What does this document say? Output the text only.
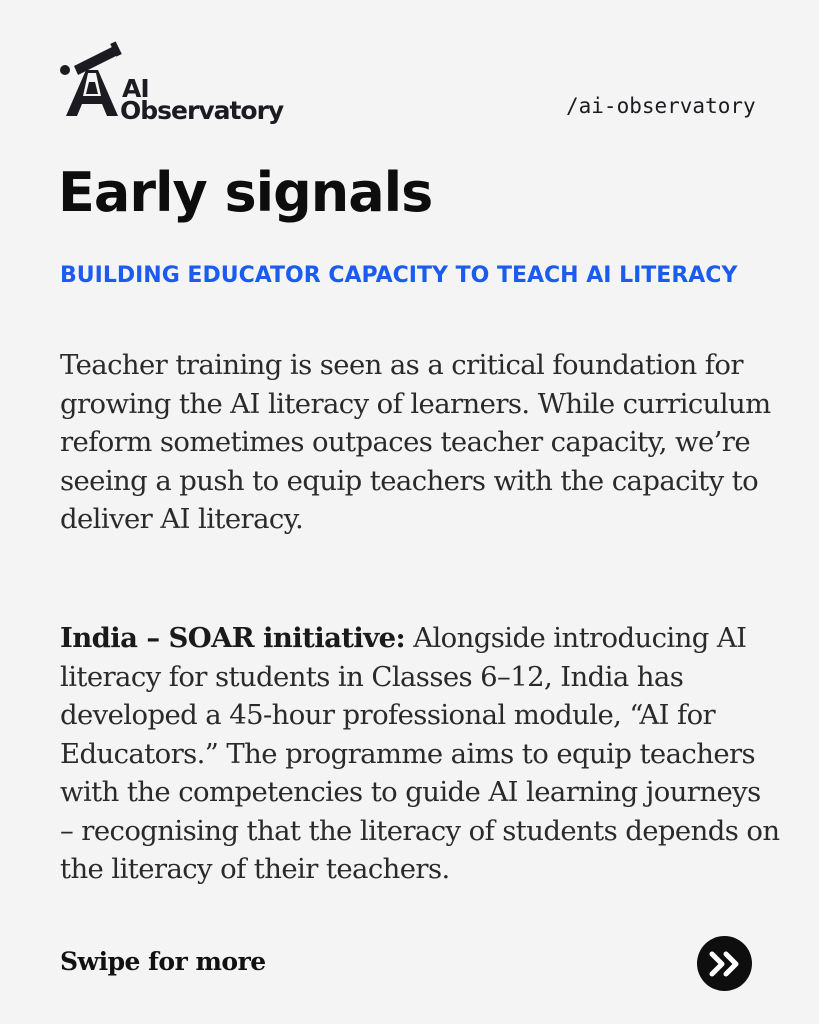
AI
Observatory	/ai-observatory
Early signals
BUILDING EDUCATOR CAPACITY TO TEACH AI LITERACY

Teacher training is seen as a critical foundation for growing the AI literacy of learners. While curriculum reform sometimes outpaces teacher capacity, we’re seeing a push to equip teachers with the capacity to deliver AI literacy.

India – SOAR initiative: Alongside introducing AI literacy for students in Classes 6–12, India has developed a 45-hour professional module, “AI for Educators.” The programme aims to equip teachers with the competencies to guide AI learning journeys – recognising that the literacy of students depends on the literacy of their teachers.

Swipe for more
